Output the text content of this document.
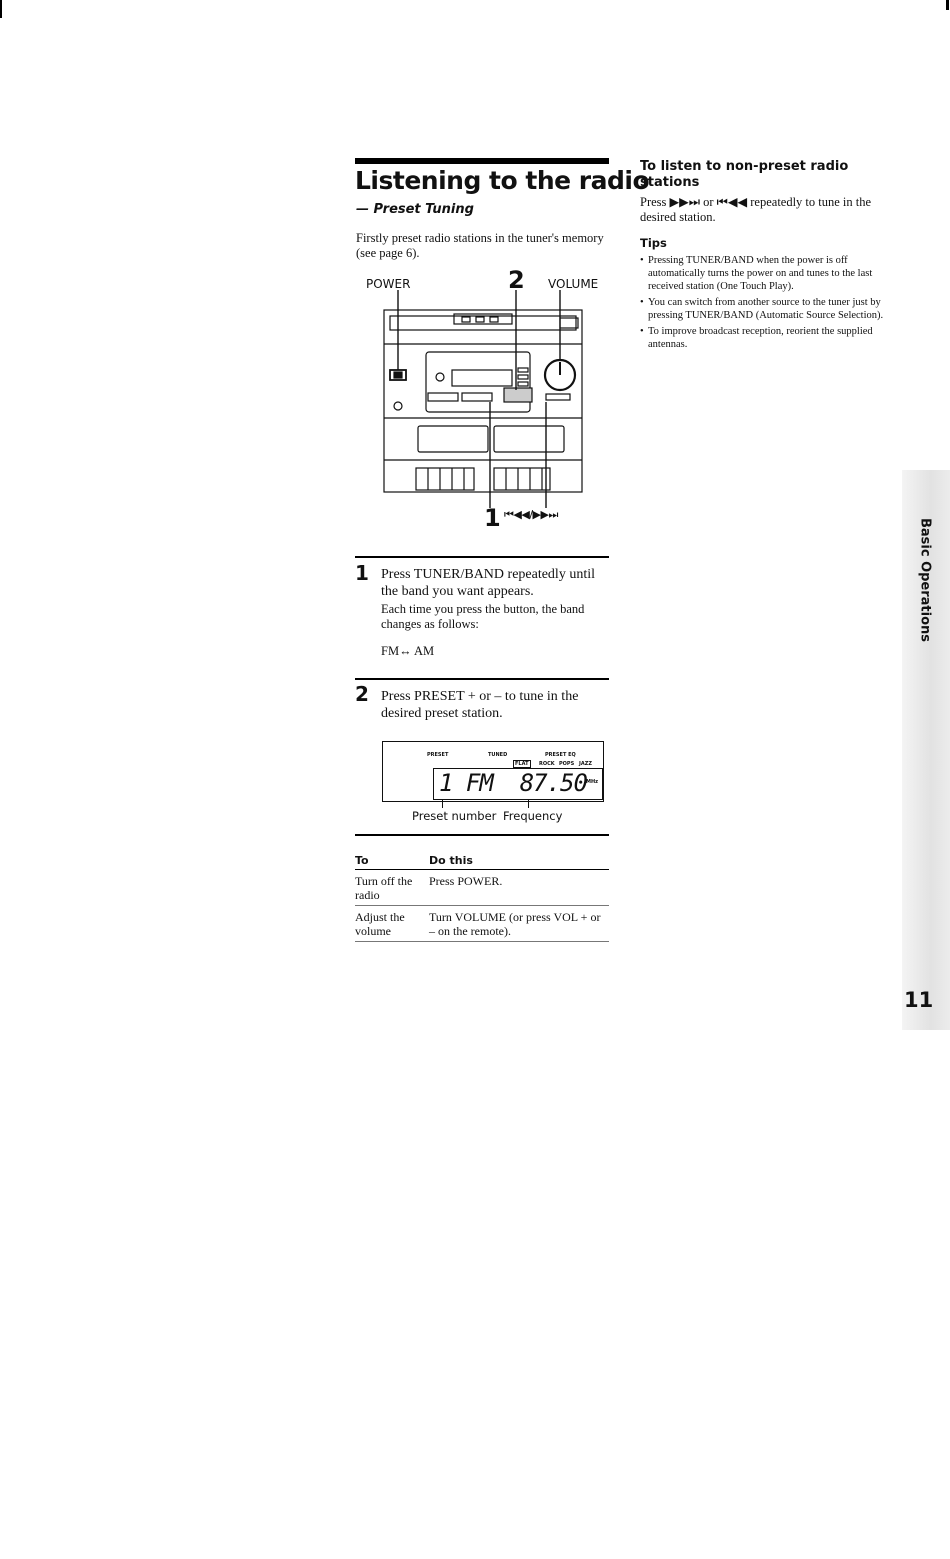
Listening to the radio
— Preset Tuning
Firstly preset radio stations in the tuner's memory (see page 6).
POWER	2 VOLUME
1 ⏮◀◀/▶▶⏭
1 Press TUNER/BAND repeatedly until the band you want appears.
Each time you press the button, the band changes as follows:
FM↔ AM
2 Press PRESET + or – to tune in the desired preset station.
PRESET	TUNED	PRESET EQ
FLAT	ROCK POPS JAZZ
1 FM  87.50 MHz
Preset number Frequency
To	Do this
Turn off the radio	Press POWER.
Adjust the volume	Turn VOLUME (or press VOL + or – on the remote).
To listen to non-preset radio stations
Press ▶▶⏭ or ⏮◀◀ repeatedly to tune in the desired station.
Tips
• Pressing TUNER/BAND when the power is off automatically turns the power on and tunes to the last received station (One Touch Play).
• You can switch from another source to the tuner just by pressing TUNER/BAND (Automatic Source Selection).
• To improve broadcast reception, reorient the supplied antennas.
Basic Operations
11
